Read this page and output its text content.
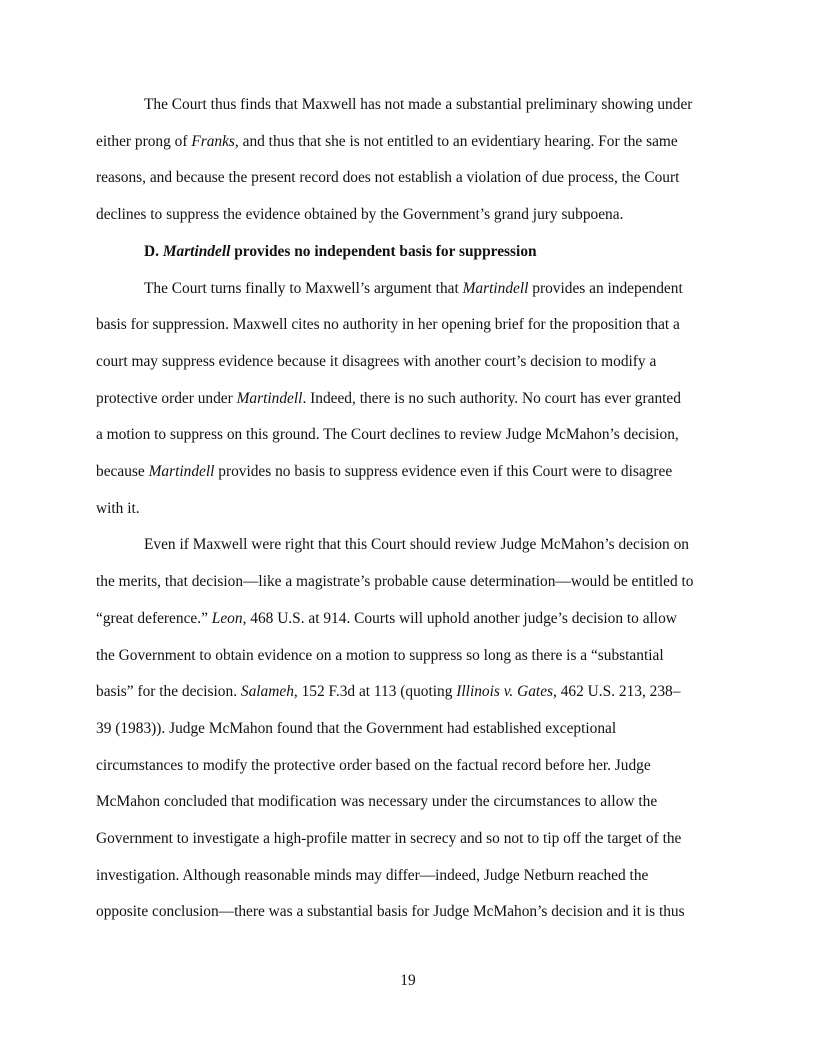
The Court thus finds that Maxwell has not made a substantial preliminary showing under
either prong of Franks, and thus that she is not entitled to an evidentiary hearing. For the same
reasons, and because the present record does not establish a violation of due process, the Court
declines to suppress the evidence obtained by the Government’s grand jury subpoena.
D. Martindell provides no independent basis for suppression
The Court turns finally to Maxwell’s argument that Martindell provides an independent
basis for suppression. Maxwell cites no authority in her opening brief for the proposition that a
court may suppress evidence because it disagrees with another court’s decision to modify a
protective order under Martindell. Indeed, there is no such authority. No court has ever granted
a motion to suppress on this ground. The Court declines to review Judge McMahon’s decision,
because Martindell provides no basis to suppress evidence even if this Court were to disagree
with it.
Even if Maxwell were right that this Court should review Judge McMahon’s decision on
the merits, that decision—like a magistrate’s probable cause determination—would be entitled to
“great deference.” Leon, 468 U.S. at 914. Courts will uphold another judge’s decision to allow
the Government to obtain evidence on a motion to suppress so long as there is a “substantial
basis” for the decision. Salameh, 152 F.3d at 113 (quoting Illinois v. Gates, 462 U.S. 213, 238–
39 (1983)). Judge McMahon found that the Government had established exceptional
circumstances to modify the protective order based on the factual record before her. Judge
McMahon concluded that modification was necessary under the circumstances to allow the
Government to investigate a high-profile matter in secrecy and so not to tip off the target of the
investigation. Although reasonable minds may differ—indeed, Judge Netburn reached the
opposite conclusion—there was a substantial basis for Judge McMahon’s decision and it is thus
19
